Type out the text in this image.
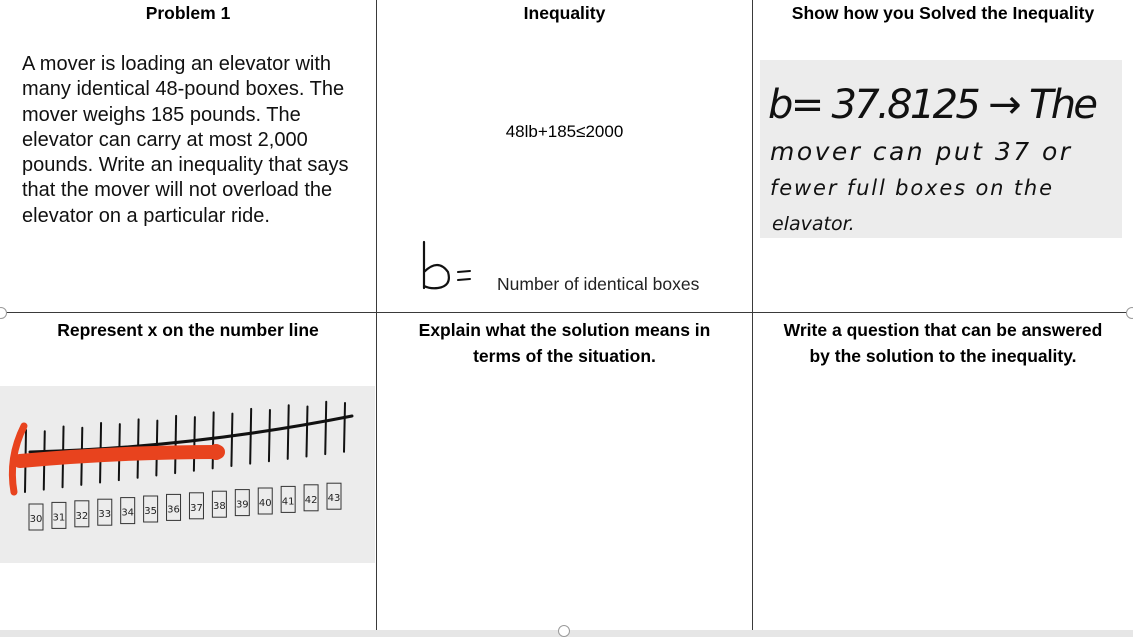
Problem 1
A mover is loading an elevator with many identical 48-pound boxes. The mover weighs 185 pounds. The elevator can carry at most 2,000 pounds. Write an inequality that says that the mover will not overload the elevator on a particular ride.
Inequality
48lb+185≤2000
Number of identical boxes
Show how you Solved the Inequality
b= 37.8125 → The
mover can put 37 or
fewer full boxes on the
elavator.
Represent x on the number line
30 31 32 33 34 35 36 37 38 39 40 41 42 43
Explain what the solution means in
terms of the situation.
Write a question that can be answered
by the solution to the inequality.
